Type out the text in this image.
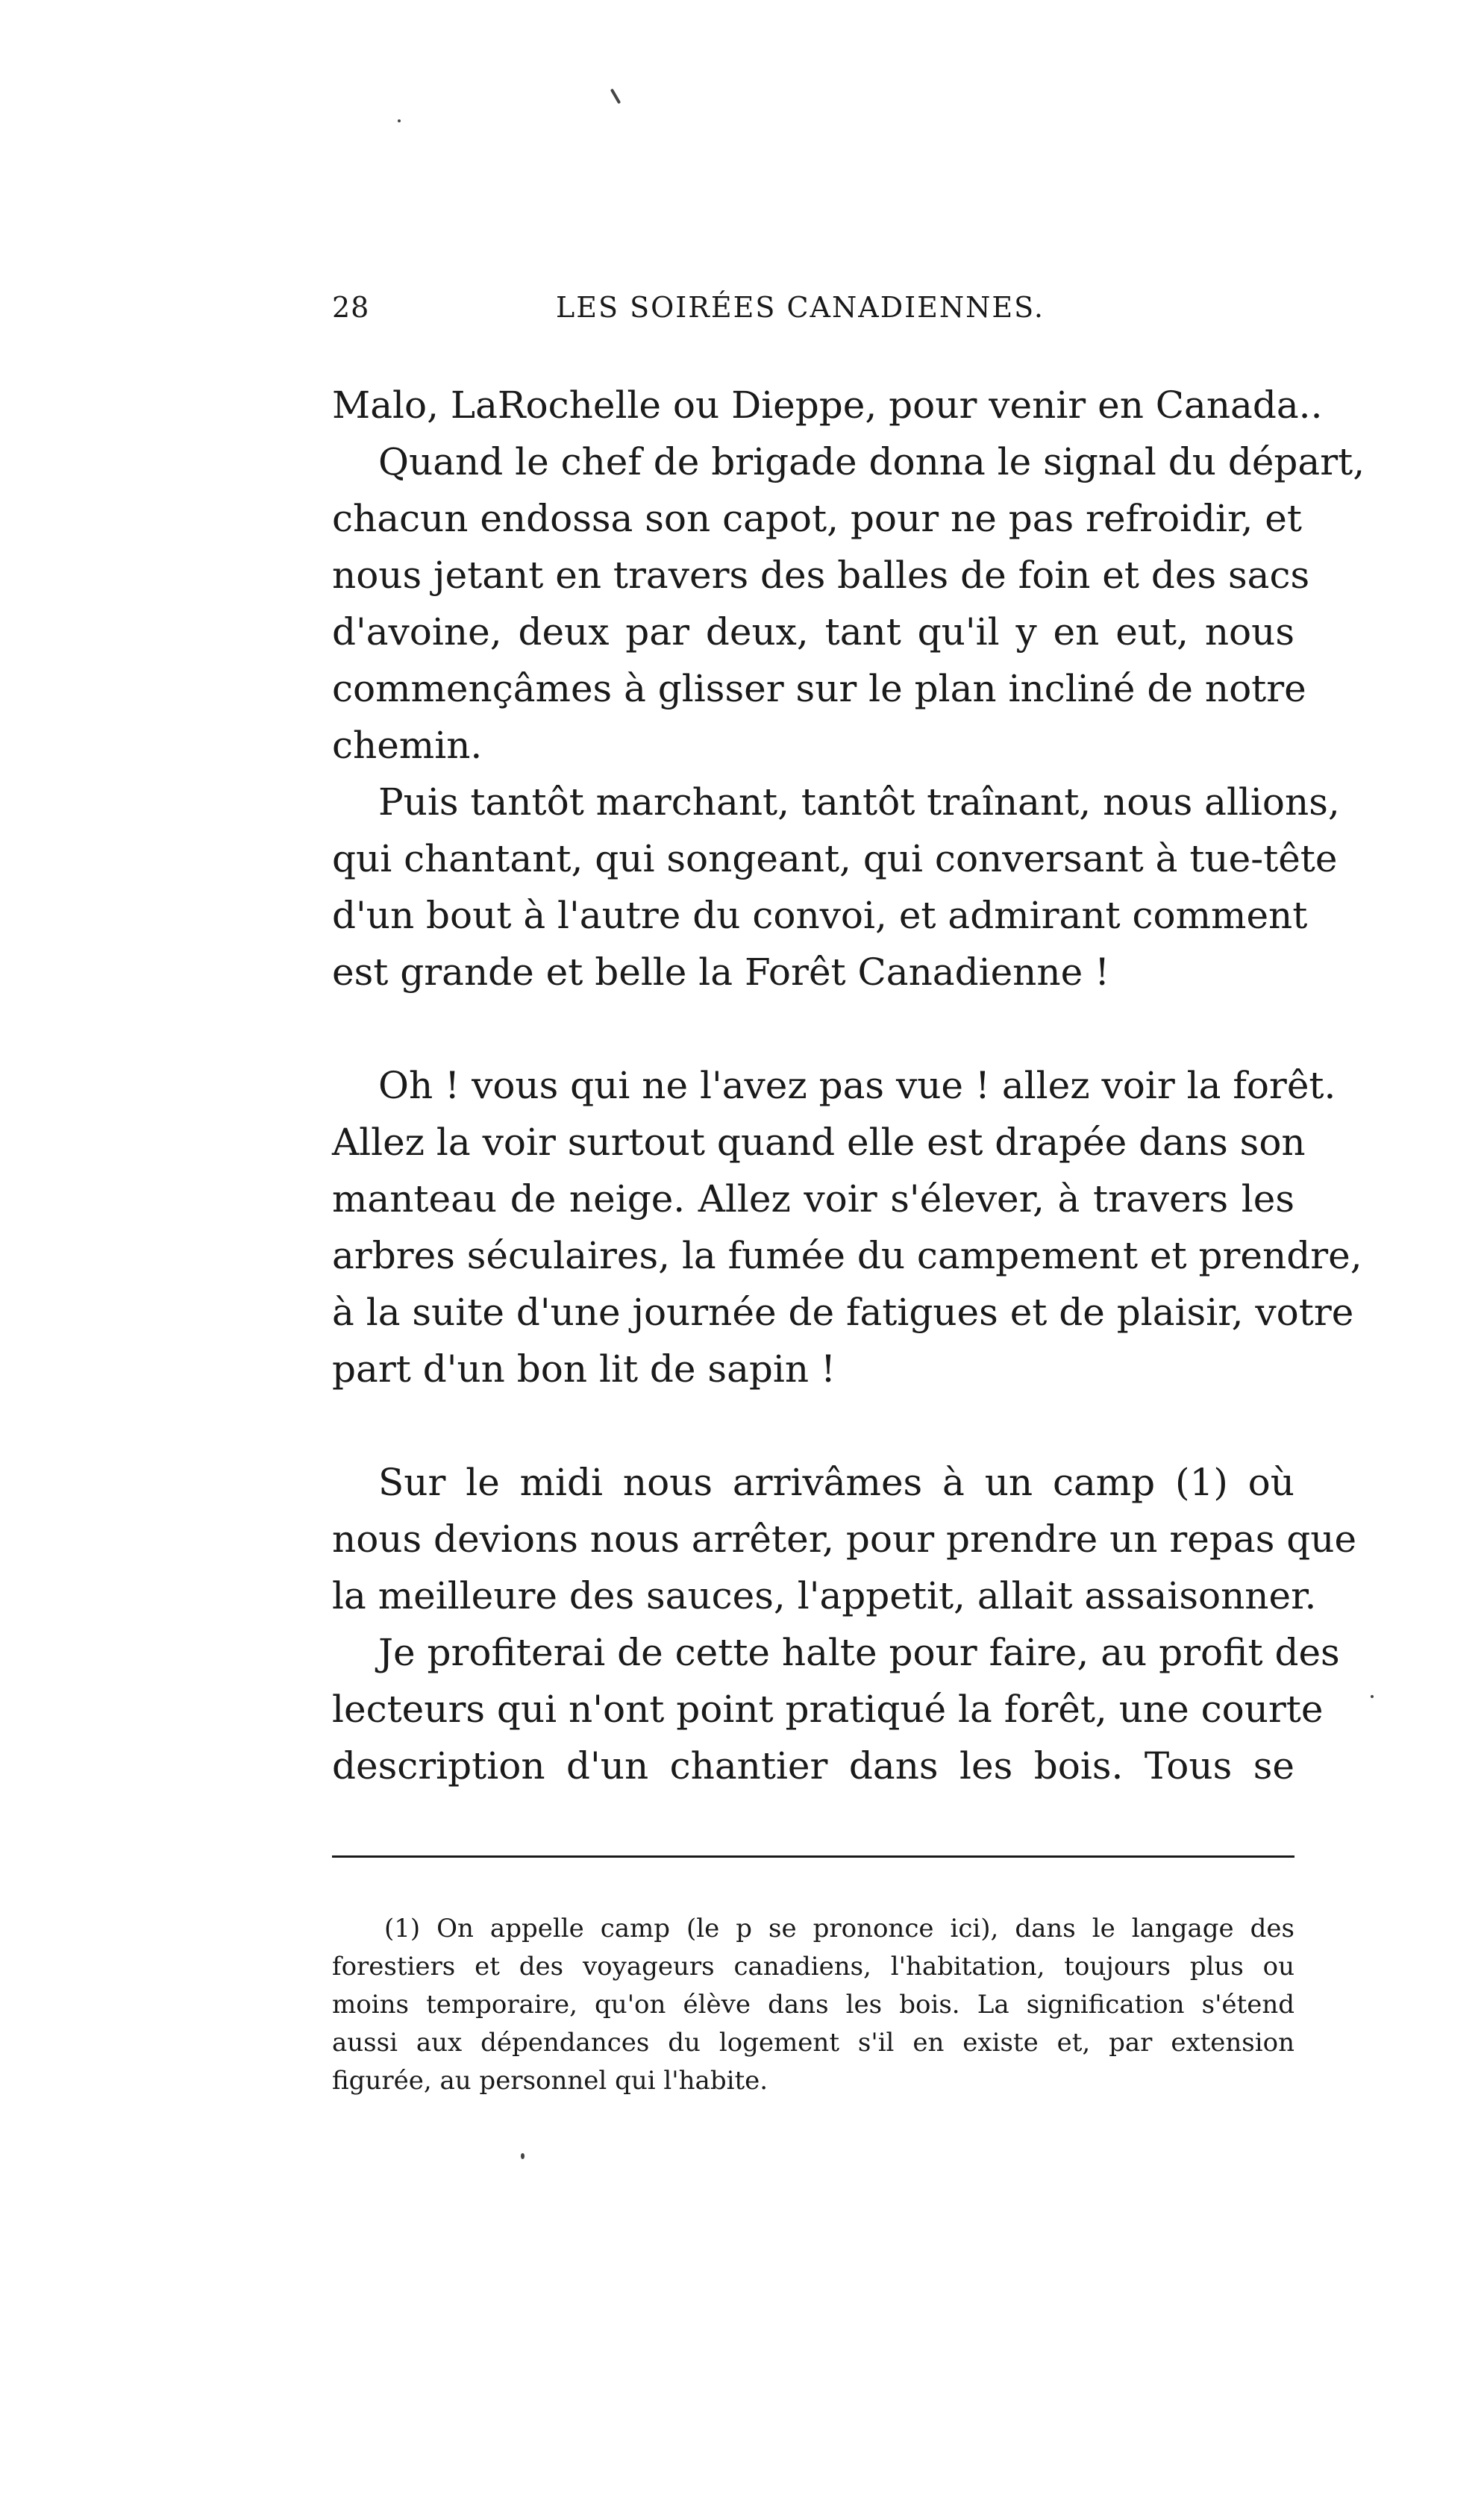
28	LES SOIRÉES CANADIENNES.
Malo, LaRochelle ou Dieppe, pour venir en Canada..
Quand le chef de brigade donna le signal du départ,
chacun endossa son capot, pour ne pas refroidir, et
nous jetant en travers des balles de foin et des sacs
d'avoine, deux par deux, tant qu'il y en eut, nous
commençâmes à glisser sur le plan incliné de notre
chemin.
Puis tantôt marchant, tantôt traînant, nous allions,
qui chantant, qui songeant, qui conversant à tue-tête
d'un bout à l'autre du convoi, et admirant comment
est grande et belle la Forêt Canadienne !
Oh ! vous qui ne l'avez pas vue ! allez voir la forêt.
Allez la voir surtout quand elle est drapée dans son
manteau de neige. Allez voir s'élever, à travers les
arbres séculaires, la fumée du campement et prendre,
à la suite d'une journée de fatigues et de plaisir, votre
part d'un bon lit de sapin !
Sur le midi nous arrivâmes à un camp (1) où
nous devions nous arrêter, pour prendre un repas que
la meilleure des sauces, l'appetit, allait assaisonner.
Je profiterai de cette halte pour faire, au profit des
lecteurs qui n'ont point pratiqué la forêt, une courte
description d'un chantier dans les bois. Tous se
(1) On appelle camp (le p se prononce ici), dans le langage des
forestiers et des voyageurs canadiens, l'habitation, toujours plus ou
moins temporaire, qu'on élève dans les bois. La signification s'étend
aussi aux dépendances du logement s'il en existe et, par extension
figurée, au personnel qui l'habite.
